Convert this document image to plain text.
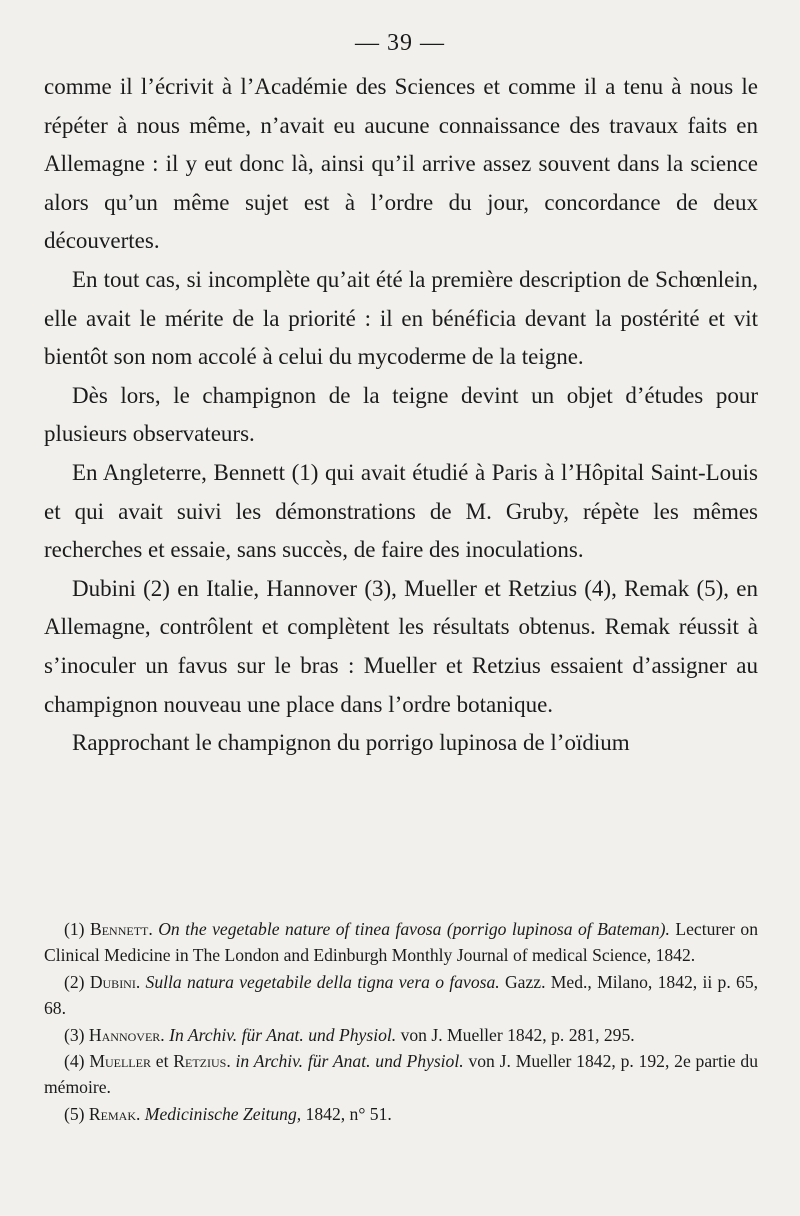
— 39 —

comme il l’écrivit à l’Académie des Sciences et comme il a tenu à nous le répéter à nous même, n’avait eu aucune connaissance des travaux faits en Allemagne : il y eut donc là, ainsi qu’il arrive assez souvent dans la science alors qu’un même sujet est à l’ordre du jour, concordance de deux découvertes.

En tout cas, si incomplète qu’ait été la première description de Schœnlein, elle avait le mérite de la priorité : il en bénéficia devant la postérité et vit bientôt son nom accolé à celui du mycoderme de la teigne.

Dès lors, le champignon de la teigne devint un objet d’études pour plusieurs observateurs.

En Angleterre, Bennett (1) qui avait étudié à Paris à l’Hôpital Saint-Louis et qui avait suivi les démonstrations de M. Gruby, répète les mêmes recherches et essaie, sans succès, de faire des inoculations.

Dubini (2) en Italie, Hannover (3), Mueller et Retzius (4), Remak (5), en Allemagne, contrôlent et complètent les résultats obtenus. Remak réussit à s’inoculer un favus sur le bras : Mueller et Retzius essaient d’assigner au champignon nouveau une place dans l’ordre botanique.

Rapprochant le champignon du porrigo lupinosa de l’oïdium

(1) Bennett. On the vegetable nature of tinea favosa (porrigo lupinosa of Bateman). Lecturer on Clinical Medicine in The London and Edinburgh Monthly Journal of medical Science, 1842.

(2) Dubini. Sulla natura vegetabile della tigna vera o favosa. Gazz. Med., Milano, 1842, ii p. 65, 68.

(3) Hannover. In Archiv. für Anat. und Physiol. von J. Mueller 1842, p. 281, 295.

(4) Mueller et Retzius. in Archiv. für Anat. und Physiol. von J. Mueller 1842, p. 192, 2e partie du mémoire.

(5) Remak. Medicinische Zeitung, 1842, n° 51.
